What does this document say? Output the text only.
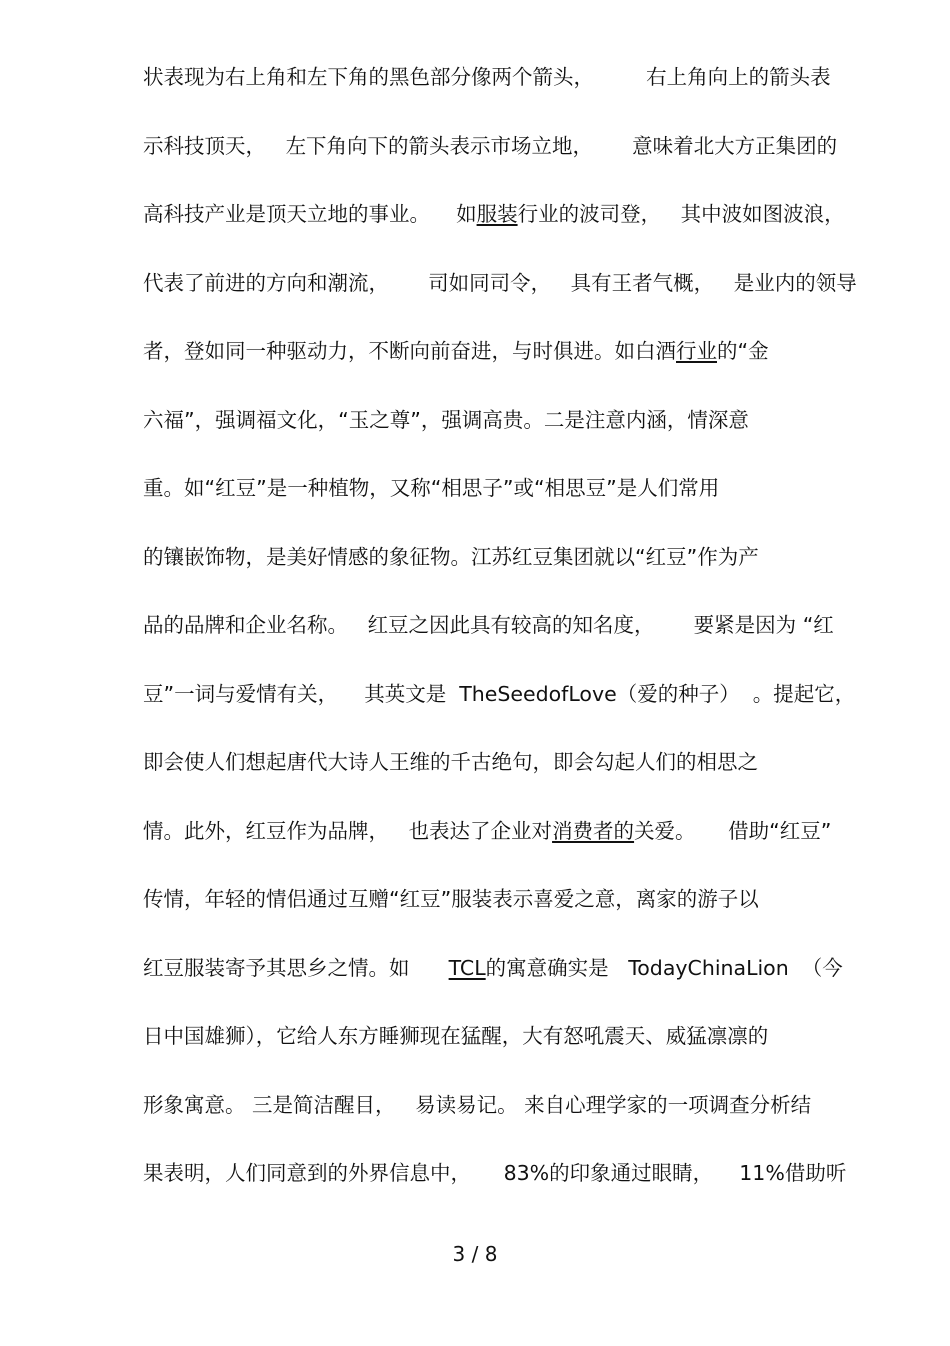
状表现为右上角和左下角的黑色部分像两个箭头，	右上角向上的箭头表
示科技顶天， 左下角向下的箭头表示市场立地， 意味着北大方正集团的
高科技产业是顶天立地的事业。 如服装行业的波司登， 其中波如图波浪，
代表了前进的方向和潮流， 司如同司令， 具有王者气概， 是业内的领导
者，登如同一种驱动力，不断向前奋进，与时俱进。如白酒行业的“金
六福”，强调福文化，“玉之尊”，强调高贵。二是注意内涵，情深意
重。如“红豆”是一种植物，又称“相思子”或“相思豆”是人们常用
的镶嵌饰物，是美好情感的象征物。江苏红豆集团就以“红豆”作为产
品的品牌和企业名称。 红豆之因此具有较高的知名度， 要紧是因为 “红
豆”一词与爱情有关， 其英文是  TheSeedofLove（爱的种子）  。提起它，
即会使人们想起唐代大诗人王维的千古绝句，即会勾起人们的相思之
情。此外，红豆作为品牌， 也表达了企业对消费者的关爱。 借助“红豆”
传情，年轻的情侣通过互赠“红豆”服装表示喜爱之意，离家的游子以
红豆服装寄予其思乡之情。如 TCL的寓意确实是   TodayChinaLion  （今
日中国雄狮），它给人东方睡狮现在猛醒，大有怒吼震天、威猛凛凛的
形象寓意。 三是简洁醒目， 易读易记。 来自心理学家的一项调查分析结
果表明，人们同意到的外界信息中， 83%的印象通过眼睛， 11%借助听
3 / 8
